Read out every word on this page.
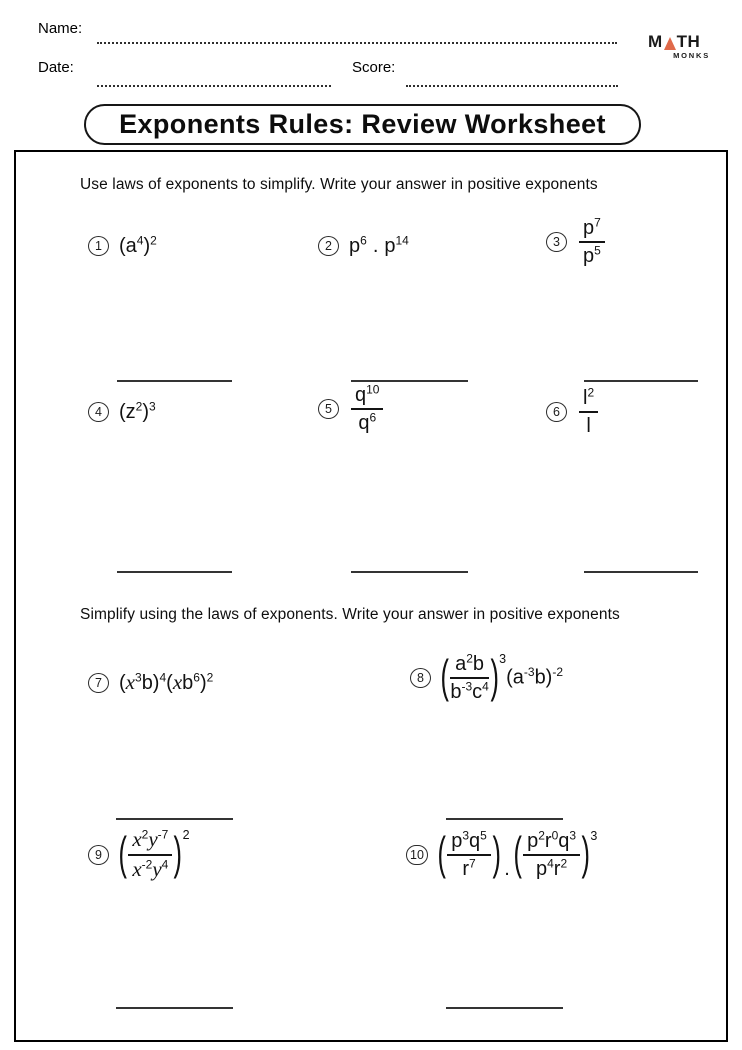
Name:
Date:	Score:
M TH
MONKS
Exponents Rules: Review Worksheet
Use laws of exponents to simplify. Write your answer in positive exponents
Simplify using the laws of exponents. Write your answer in positive exponents
1 $(a^4)^2$	2 $p^6$ . $p^{14}$	$3 \frac{p^7}{p^5}$
4 $(z^2)^3$	$5 \frac{q^{10}}{q^6}$	$6 \frac{l^2}{l}$
7 $(x^3b)^4(xb^6)^2$	8 ( $\frac{a^2b}{b^{-3}c^4} )^3(a^{-3}b)^{-2}$
9 ( $\frac{x^2y^{-7}}{x^{-2}y^4} )^2$
10 ( $\frac{p^3q^5}{r^7}$ ) .( $\frac{p^2r^0q^3}{p^4r^2} )^3$
